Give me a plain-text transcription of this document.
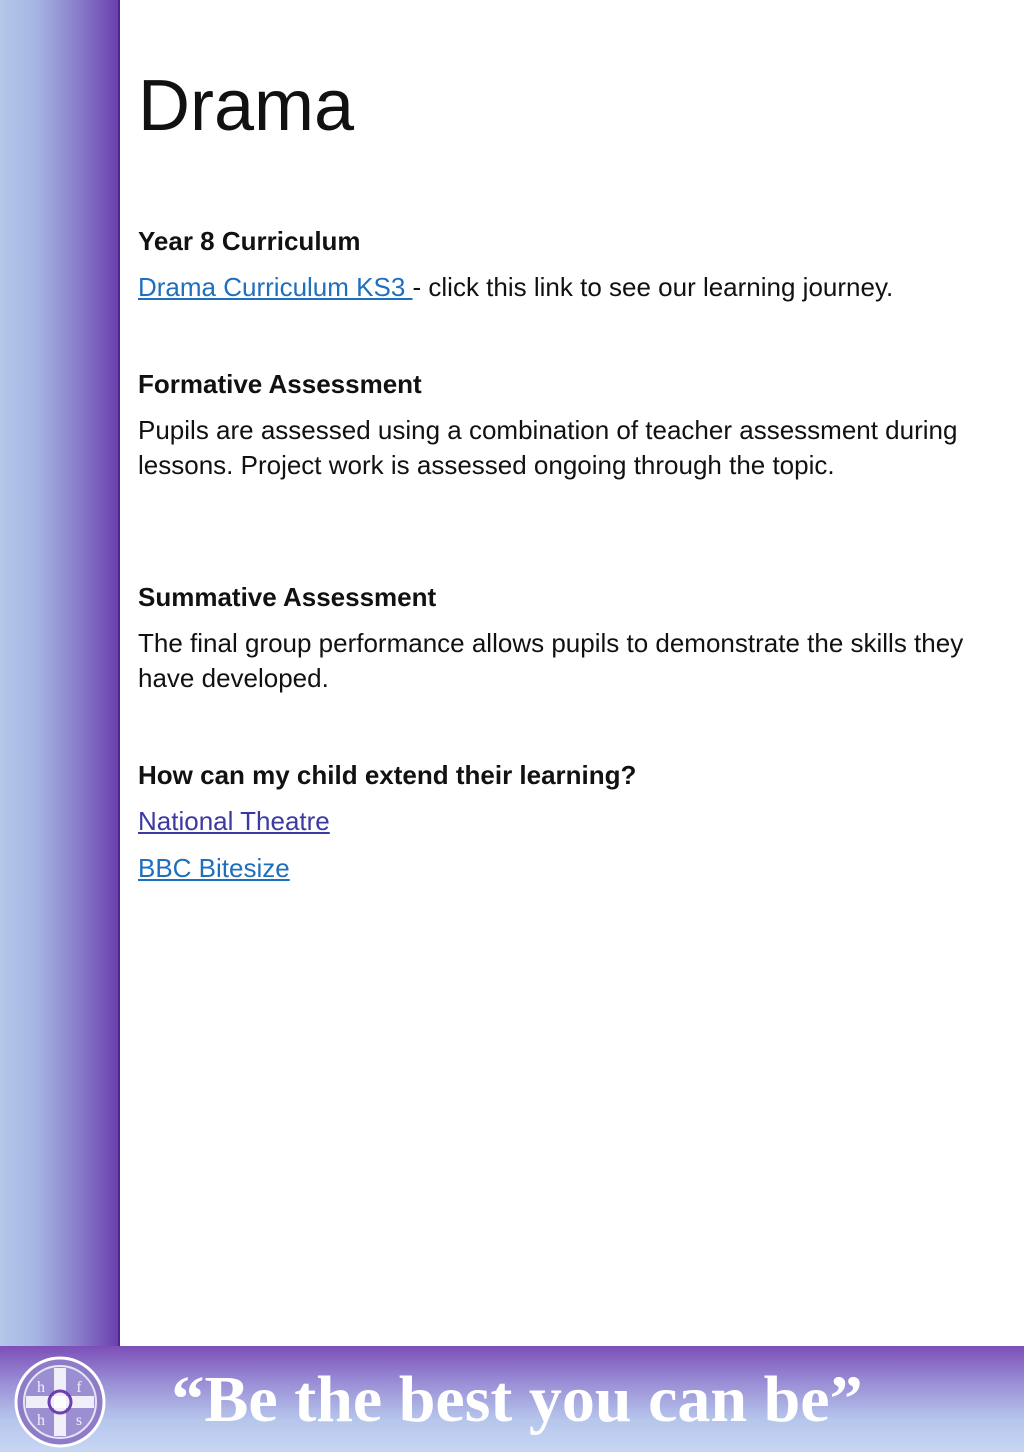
Drama

Year 8 Curriculum

Drama Curriculum KS3 - click this link to see our learning journey.

Formative Assessment

Pupils are assessed using a combination of teacher assessment during lessons. Project work is assessed ongoing through the topic.

Summative Assessment

The final group performance allows pupils to demonstrate the skills they have developed.

How can my child extend their learning?

National Theatre

BBC Bitesize

h f
h s	“Be the best you can be”
